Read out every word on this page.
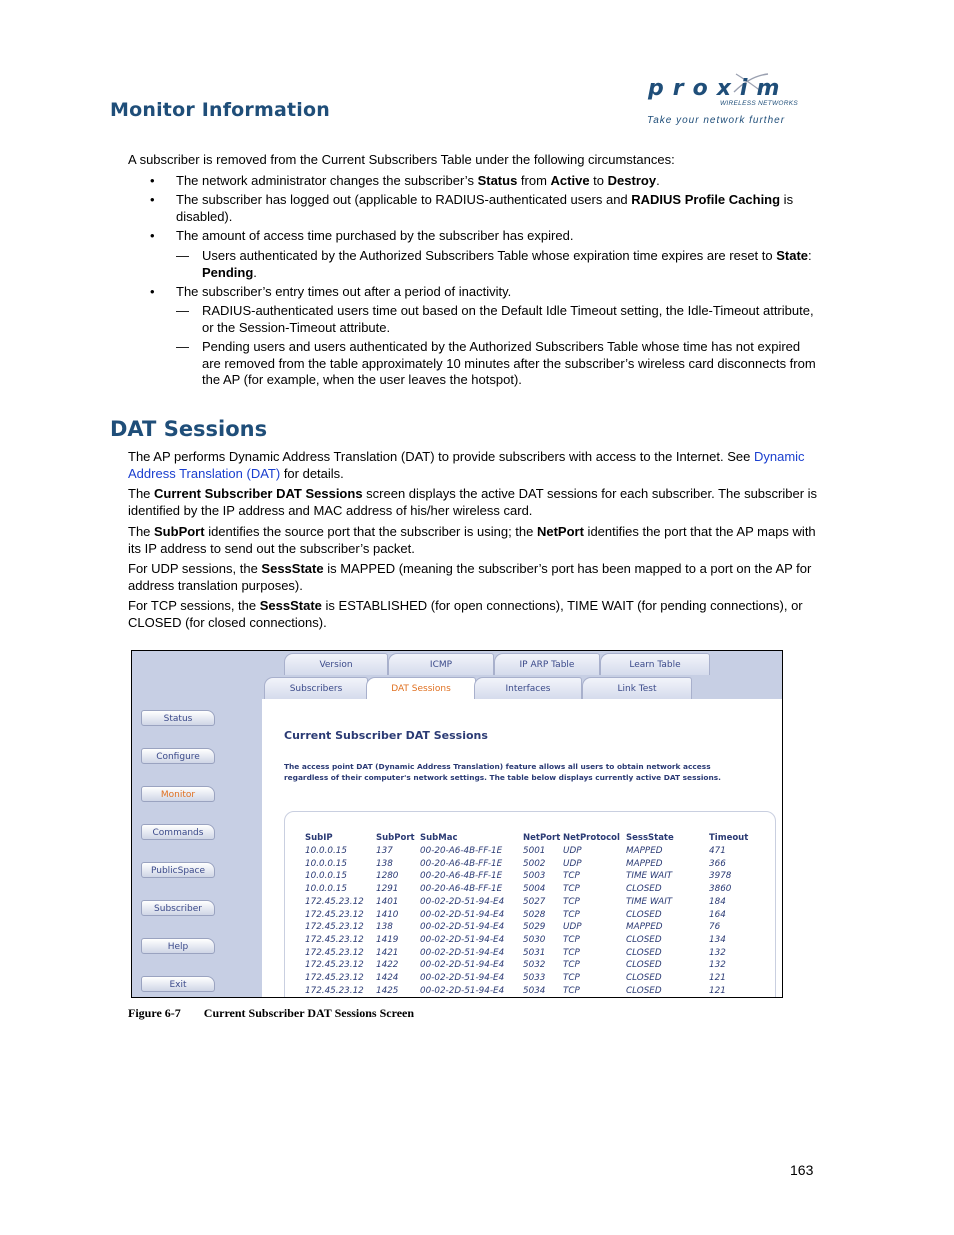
Monitor Information
proxim
WIRELESS NETWORKS
Take your network further
A subscriber is removed from the Current Subscribers Table under the following circumstances:
• The network administrator changes the subscriber’s Status from Active to Destroy.
• The subscriber has logged out (applicable to RADIUS-authenticated users and RADIUS Profile Caching is disabled).
• The amount of access time purchased by the subscriber has expired.
— Users authenticated by the Authorized Subscribers Table whose expiration time expires are reset to State: Pending.
• The subscriber’s entry times out after a period of inactivity.
— RADIUS-authenticated users time out based on the Default Idle Timeout setting, the Idle-Timeout attribute, or the Session-Timeout attribute.
— Pending users and users authenticated by the Authorized Subscribers Table whose time has not expired are removed from the table approximately 10 minutes after the subscriber’s wireless card disconnects from the AP (for example, when the user leaves the hotspot).
DAT Sessions
The AP performs Dynamic Address Translation (DAT) to provide subscribers with access to the Internet. See Dynamic Address Translation (DAT) for details.
The Current Subscriber DAT Sessions screen displays the active DAT sessions for each subscriber. The subscriber is identified by the IP address and MAC address of his/her wireless card.
The SubPort identifies the source port that the subscriber is using; the NetPort identifies the port that the AP maps with its IP address to send out the subscriber’s packet.
For UDP sessions, the SessState is MAPPED (meaning the subscriber’s port has been mapped to a port on the AP for address translation purposes).
For TCP sessions, the SessState is ESTABLISHED (for open connections), TIME WAIT (for pending connections), or CLOSED (for closed connections).
Version	ICMP	IP ARP Table	Learn Table
Subscribers	DAT Sessions	Interfaces	Link Test
Status
Configure
Monitor
Commands
PublicSpace
Subscriber
Help
Exit
Current Subscriber DAT Sessions
The access point DAT (Dynamic Address Translation) feature allows all users to obtain network access
regardless of their computer's network settings. The table below displays currently active DAT sessions.
SubIP	SubPort SubMac	NetPort NetProtocol SessState	Timeout
10.0.0.15	137	00-20-A6-4B-FF-1E 5001 UDP	MAPPED	471
10.0.0.15	138	00-20-A6-4B-FF-1E 5002 UDP	MAPPED	366
10.0.0.15	1280 00-20-A6-4B-FF-1E 5003 TCP	TIME WAIT	3978
10.0.0.15	1291 00-20-A6-4B-FF-1E 5004 TCP	CLOSED	3860
172.45.23.12 1401 00-02-2D-51-94-E4 5027 TCP	TIME WAIT	184
172.45.23.12 1410 00-02-2D-51-94-E4 5028 TCP	CLOSED	164
172.45.23.12 138	00-02-2D-51-94-E4 5029 UDP	MAPPED	76
172.45.23.12 1419 00-02-2D-51-94-E4 5030 TCP	CLOSED	134
172.45.23.12 1421 00-02-2D-51-94-E4 5031 TCP	CLOSED	132
172.45.23.12 1422 00-02-2D-51-94-E4 5032 TCP	CLOSED	132
172.45.23.12 1424 00-02-2D-51-94-E4 5033 TCP	CLOSED	121
172.45.23.12 1425 00-02-2D-51-94-E4 5034 TCP	CLOSED	121
Figure 6-7 Current Subscriber DAT Sessions Screen
163
